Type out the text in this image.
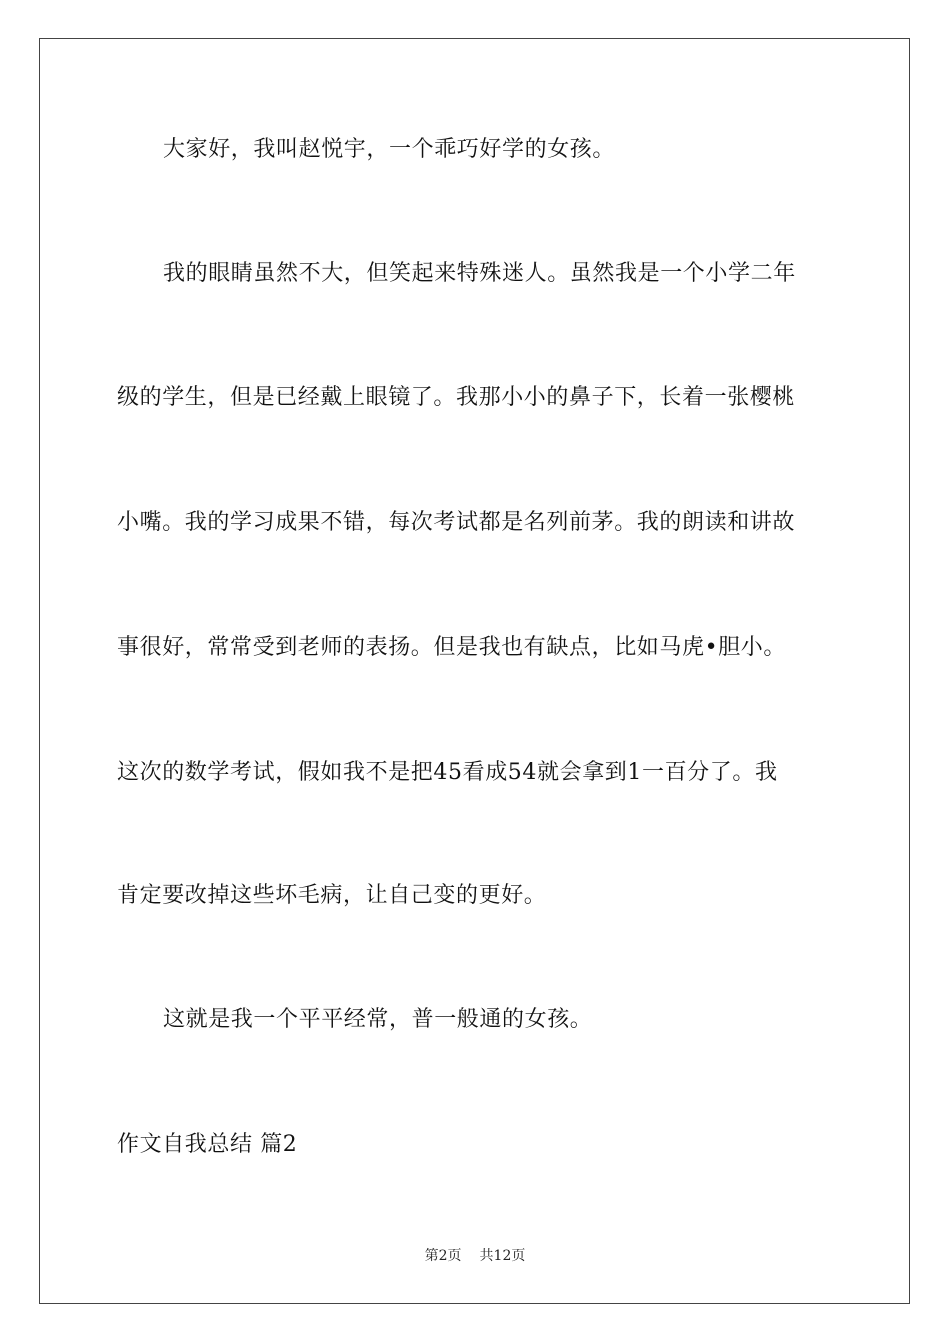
大家好，我叫赵悦宇，一个乖巧好学的女孩。
我的眼睛虽然不大，但笑起来特殊迷人。虽然我是一个小学二年
级的学生，但是已经戴上眼镜了。我那小小的鼻子下，长着一张樱桃
小嘴。我的学习成果不错，每次考试都是名列前茅。我的朗读和讲故
事很好，常常受到老师的表扬。但是我也有缺点，比如马虎•胆小。
这次的数学考试，假如我不是把45看成54就会拿到1一百分了。我
肯定要改掉这些坏毛病，让自己变的更好。
这就是我一个平平经常，普一般通的女孩。
作文自我总结 篇2
第2页 共12页
